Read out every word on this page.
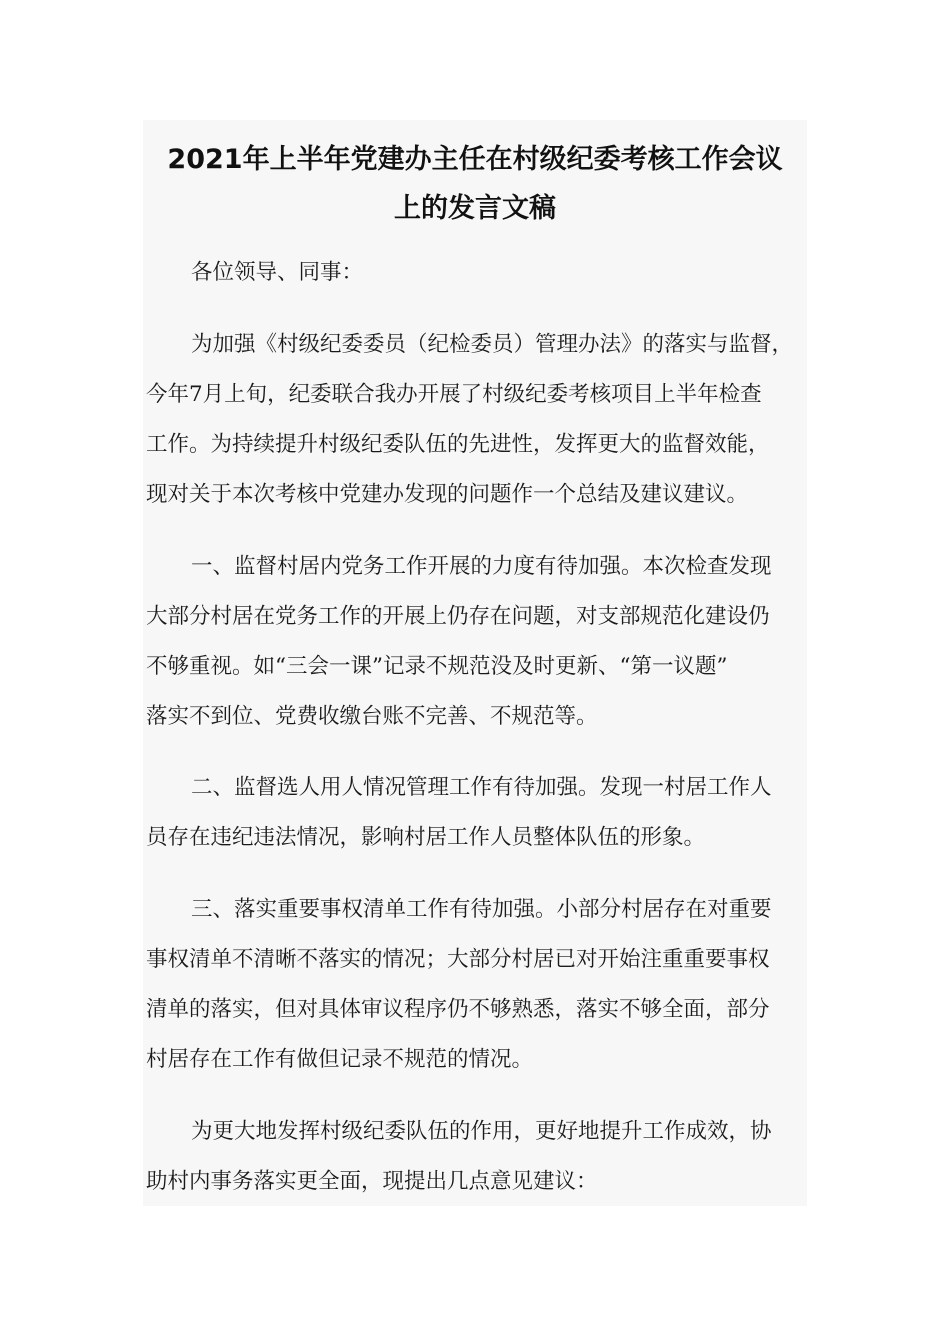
2021年上半年党建办主任在村级纪委考核工作会议
上的发言文稿

各位领导、同事：

为加强《村级纪委委员（纪检委员）管理办法》的落实与监督，
今年7月上旬，纪委联合我办开展了村级纪委考核项目上半年检查
工作。为持续提升村级纪委队伍的先进性，发挥更大的监督效能，
现对关于本次考核中党建办发现的问题作一个总结及建议建议。

一、监督村居内党务工作开展的力度有待加强。本次检查发现
大部分村居在党务工作的开展上仍存在问题，对支部规范化建设仍
不够重视。如“三会一课”记录不规范没及时更新、“第一议题”
落实不到位、党费收缴台账不完善、不规范等。

二、监督选人用人情况管理工作有待加强。发现一村居工作人
员存在违纪违法情况，影响村居工作人员整体队伍的形象。

三、落实重要事权清单工作有待加强。小部分村居存在对重要
事权清单不清晰不落实的情况；大部分村居已对开始注重重要事权
清单的落实，但对具体审议程序仍不够熟悉，落实不够全面，部分
村居存在工作有做但记录不规范的情况。

为更大地发挥村级纪委队伍的作用，更好地提升工作成效，协
助村内事务落实更全面，现提出几点意见建议：
